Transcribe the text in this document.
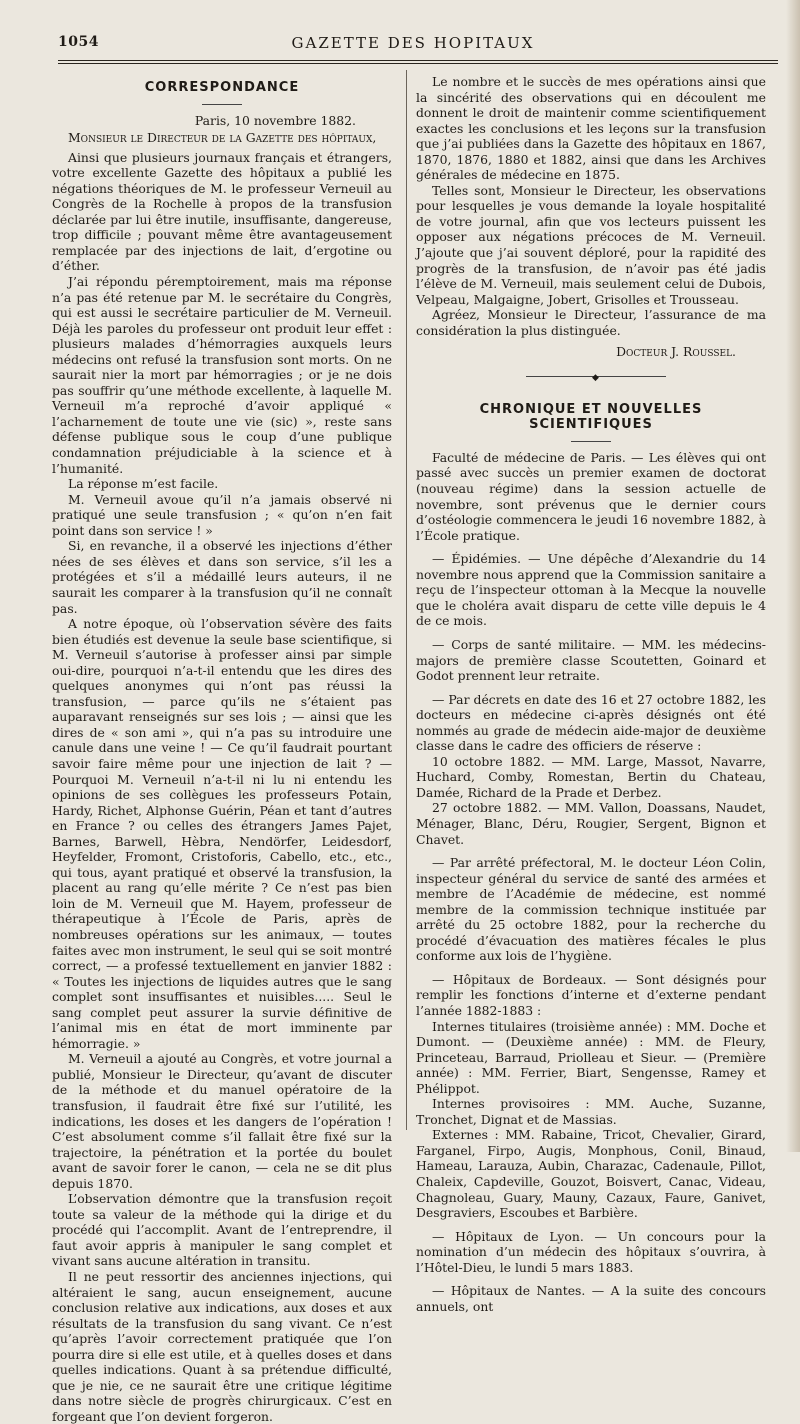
1054	GAZETTE DES HOPITAUX
CORRESPONDANCE
Paris, 10 novembre 1882.
Monsieur le Directeur de la Gazette des hôpitaux,

Ainsi que plusieurs journaux français et étrangers, votre excellente Gazette des hôpitaux a publié les négations théoriques de M. le professeur Verneuil au Congrès de la Rochelle à propos de la transfusion déclarée par lui être inutile, insuffisante, dangereuse, trop difficile ; pouvant même être avantageusement remplacée par des injections de lait, d’ergotine ou d’éther.

J’ai répondu péremptoirement, mais ma réponse n’a pas été retenue par M. le secrétaire du Congrès, qui est aussi le secrétaire particulier de M. Verneuil. Déjà les paroles du professeur ont produit leur effet : plusieurs malades d’hémorragies auxquels leurs médecins ont refusé la transfusion sont morts. On ne saurait nier la mort par hémorragies ; or je ne dois pas souffrir qu’une méthode excellente, à laquelle M. Verneuil m’a reproché d’avoir appliqué « l’acharnement de toute une vie (sic) », reste sans défense publique sous le coup d’une publique condamnation préjudiciable à la science et à l’humanité.

La réponse m’est facile.

M. Verneuil avoue qu’il n’a jamais observé ni pratiqué une seule transfusion ; « qu’on n’en fait point dans son service ! »

Si, en revanche, il a observé les injections d’éther nées de ses élèves et dans son service, s’il les a protégées et s’il a médaillé leurs auteurs, il ne saurait les comparer à la transfusion qu’il ne connaît pas.

A notre époque, où l’observation sévère des faits bien étudiés est devenue la seule base scientifique, si M. Verneuil s’autorise à professer ainsi par simple oui-dire, pourquoi n’a-t-il entendu que les dires des quelques anonymes qui n’ont pas réussi la transfusion, — parce qu’ils ne s’étaient pas auparavant renseignés sur ses lois ; — ainsi que les dires de « son ami », qui n’a pas su introduire une canule dans une veine ! — Ce qu’il faudrait pourtant savoir faire même pour une injection de lait ? — Pourquoi M. Verneuil n’a-t-il ni lu ni entendu les opinions de ses collègues les professeurs Potain, Hardy, Richet, Alphonse Guérin, Péan et tant d’autres en France ? ou celles des étrangers James Pajet, Barnes, Barwell, Hèbra, Nendörfer, Leidesdorf, Heyfelder, Fromont, Cristoforis, Cabello, etc., etc., qui tous, ayant pratiqué et observé la transfusion, la placent au rang qu’elle mérite ? Ce n’est pas bien loin de M. Verneuil que M. Hayem, professeur de thérapeutique à l’École de Paris, après de nombreuses opérations sur les animaux, — toutes faites avec mon instrument, le seul qui se soit montré correct, — a professé textuellement en janvier 1882 : « Toutes les injections de liquides autres que le sang complet sont insuffisantes et nuisibles..... Seul le sang complet peut assurer la survie définitive de l’animal mis en état de mort imminente par hémorragie. »

M. Verneuil a ajouté au Congrès, et votre journal a publié, Monsieur le Directeur, qu’avant de discuter de la méthode et du manuel opératoire de la transfusion, il faudrait être fixé sur l’utilité, les indications, les doses et les dangers de l’opération ! C’est absolument comme s’il fallait être fixé sur la trajectoire, la pénétration et la portée du boulet avant de savoir forer le canon, — cela ne se dit plus depuis 1870.

L’observation démontre que la transfusion reçoit toute sa valeur de la méthode qui la dirige et du procédé qui l’accomplit. Avant de l’entreprendre, il faut avoir appris à manipuler le sang complet et vivant sans aucune altération in transitu.

Il ne peut ressortir des anciennes injections, qui altéraient le sang, aucun enseignement, aucune conclusion relative aux indications, aux doses et aux résultats de la transfusion du sang vivant. Ce n’est qu’après l’avoir correctement pratiquée que l’on pourra dire si elle est utile, et à quelles doses et dans quelles indications. Quant à sa prétendue difficulté, que je nie, ce ne saurait être une critique légitime dans notre siècle de progrès chirurgicaux. C’est en forgeant que l’on devient forgeron.

Le nombre et le succès de mes opérations ainsi que la sincérité des observations qui en découlent me donnent le droit de maintenir comme scientifiquement exactes les conclusions et les leçons sur la transfusion que j’ai publiées dans la Gazette des hôpitaux en 1867, 1870, 1876, 1880 et 1882, ainsi que dans les Archives générales de médecine en 1875.

Telles sont, Monsieur le Directeur, les observations pour lesquelles je vous demande la loyale hospitalité de votre journal, afin que vos lecteurs puissent les opposer aux négations précoces de M. Verneuil. J’ajoute que j’ai souvent déploré, pour la rapidité des progrès de la transfusion, de n’avoir pas été jadis l’élève de M. Verneuil, mais seulement celui de Dubois, Velpeau, Malgaigne, Jobert, Grisolles et Trousseau.

Agréez, Monsieur le Directeur, l’assurance de ma considération la plus distinguée.

Docteur J. Roussel.
◆
CHRONIQUE ET NOUVELLES SCIENTIFIQUES

Faculté de médecine de Paris. — Les élèves qui ont passé avec succès un premier examen de doctorat (nouveau régime) dans la session actuelle de novembre, sont prévenus que le dernier cours d’ostéologie commencera le jeudi 16 novembre 1882, à l’École pratique.

— Épidémies. — Une dépêche d’Alexandrie du 14 novembre nous apprend que la Commission sanitaire a reçu de l’inspecteur ottoman à la Mecque la nouvelle que le choléra avait disparu de cette ville depuis le 4 de ce mois.

— Corps de santé militaire. — MM. les médecins-majors de première classe Scoutetten, Goinard et Godot prennent leur retraite.

— Par décrets en date des 16 et 27 octobre 1882, les docteurs en médecine ci-après désignés ont été nommés au grade de médecin aide-major de deuxième classe dans le cadre des officiers de réserve :

10 octobre 1882. — MM. Large, Massot, Navarre, Huchard, Comby, Romestan, Bertin du Chateau, Damée, Richard de la Prade et Derbez.

27 octobre 1882. — MM. Vallon, Doassans, Naudet, Ménager, Blanc, Déru, Rougier, Sergent, Bignon et Chavet.

— Par arrêté préfectoral, M. le docteur Léon Colin, inspecteur général du service de santé des armées et membre de l’Académie de médecine, est nommé membre de la commission technique instituée par arrêté du 25 octobre 1882, pour la recherche du procédé d’évacuation des matières fécales le plus conforme aux lois de l’hygiène.

— Hôpitaux de Bordeaux. — Sont désignés pour remplir les fonctions d’interne et d’externe pendant l’année 1882-1883 :

Internes titulaires (troisième année) : MM. Doche et Dumont. — (Deuxième année) : MM. de Fleury, Princeteau, Barraud, Priolleau et Sieur. — (Première année) : MM. Ferrier, Biart, Sengensse, Ramey et Phélippot.

Internes provisoires : MM. Auche, Suzanne, Tronchet, Dignat et de Massias.

Externes : MM. Rabaine, Tricot, Chevalier, Girard, Farganel, Firpo, Augis, Monphous, Conil, Binaud, Hameau, Larauza, Aubin, Charazac, Cadenaule, Pillot, Chaleix, Capdeville, Gouzot, Boisvert, Canac, Videau, Chagnoleau, Guary, Mauny, Cazaux, Faure, Ganivet, Desgraviers, Escoubes et Barbière.

— Hôpitaux de Lyon. — Un concours pour la nomination d’un médecin des hôpitaux s’ouvrira, à l’Hôtel-Dieu, le lundi 5 mars 1883.

— Hôpitaux de Nantes. — A la suite des concours annuels, ont
